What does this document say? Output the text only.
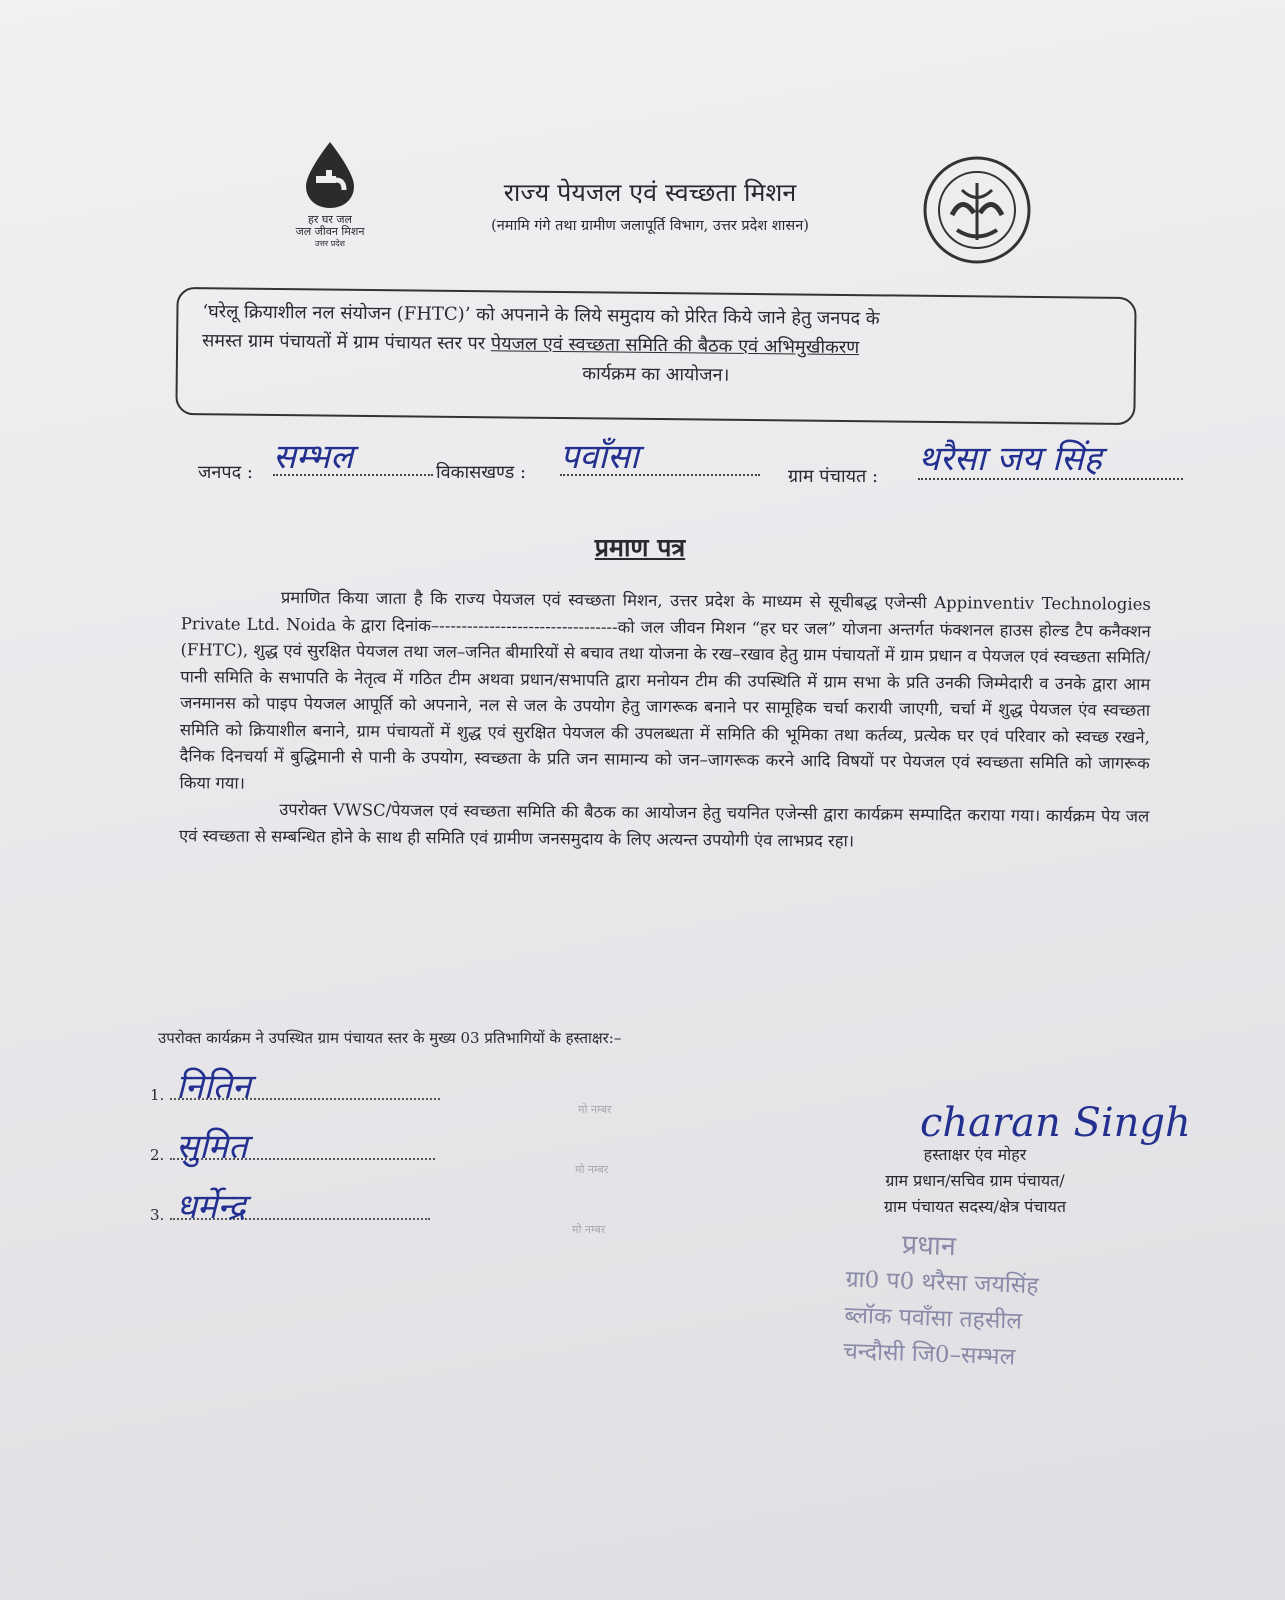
हर घर जल
जल जीवन मिशन
उत्तर प्रदेश
राज्य पेयजल एवं स्वच्छता मिशन
(नमामि गंगे तथा ग्रामीण जलापूर्ति विभाग, उत्तर प्रदेश शासन)
‘घरेलू क्रियाशील नल संयोजन (FHTC)’ को अपनाने के लिये समुदाय को प्रेरित किये जाने हेतु जनपद के
समस्त ग्राम पंचायतों में ग्राम पंचायत स्तर पर पेयजल एवं स्वच्छता समिति की बैठक एवं अभिमुखीकरण
कार्यक्रम का आयोजन।
जनपद : सम्भल	विकासखण्ड : पवाँसा	ग्राम पंचायत : थरैसा जय सिंह
प्रमाण पत्र

प्रमाणित किया जाता है कि राज्य पेयजल एवं स्वच्छता मिशन, उत्तर प्रदेश के माध्यम से सूचीबद्ध एजेन्सी Appinventiv Technologies Private Ltd. Noida के द्वारा दिनांक–--------------------------------को जल जीवन मिशन “हर घर जल” योजना अन्तर्गत फंक्शनल हाउस होल्ड टैप कनैक्शन (FHTC), शुद्ध एवं सुरक्षित पेयजल तथा जल–जनित बीमारियों से बचाव तथा योजना के रख–रखाव हेतु ग्राम पंचायतों में ग्राम प्रधान व पेयजल एवं स्वच्छता समिति/पानी समिति के सभापति के नेतृत्व में गठित टीम अथवा प्रधान/सभापति द्वारा मनोयन टीम की उपस्थिति में ग्राम सभा के प्रति उनकी जिम्मेदारी व उनके द्वारा आम जनमानस को पाइप पेयजल आपूर्ति को अपनाने, नल से जल के उपयोग हेतु जागरूक बनाने पर सामूहिक चर्चा करायी जाएगी, चर्चा में शुद्ध पेयजल एंव स्वच्छता समिति को क्रियाशील बनाने, ग्राम पंचायतों में शुद्ध एवं सुरक्षित पेयजल की उपलब्धता में समिति की भूमिका तथा कर्तव्य, प्रत्येक घर एवं परिवार को स्वच्छ रखने, दैनिक दिनचर्या में बुद्धिमानी से पानी के उपयोग, स्वच्छता के प्रति जन सामान्य को जन–जागरूक करने आदि विषयों पर पेयजल एवं स्वच्छता समिति को जागरूक किया गया।

उपरोक्त VWSC/पेयजल एवं स्वच्छता समिति की बैठक का आयोजन हेतु चयनित एजेन्सी द्वारा कार्यक्रम सम्पादित कराया गया। कार्यक्रम पेय जल एवं स्वच्छता से सम्बन्धित होने के साथ ही समिति एवं ग्रामीण जनसमुदाय के लिए अत्यन्त उपयोगी एंव लाभप्रद रहा।

उपरोक्त कार्यक्रम ने उपस्थित ग्राम पंचायत स्तर के मुख्य 03 प्रतिभागियों के हस्ताक्षर:–
1. नितिन
2. सुमित
3. धर्मेन्द्र
मो नम्बर
मो नम्बर
मो नम्बर
charan Singh
हस्ताक्षर एंव मोहर
ग्राम प्रधान/सचिव ग्राम पंचायत/
ग्राम पंचायत सदस्य/क्षेत्र पंचायत
प्रधान
ग्रा0 प0 थरैसा जयसिंह
ब्लॉक पवाँसा तहसील
चन्दौसी जि0–सम्भल
